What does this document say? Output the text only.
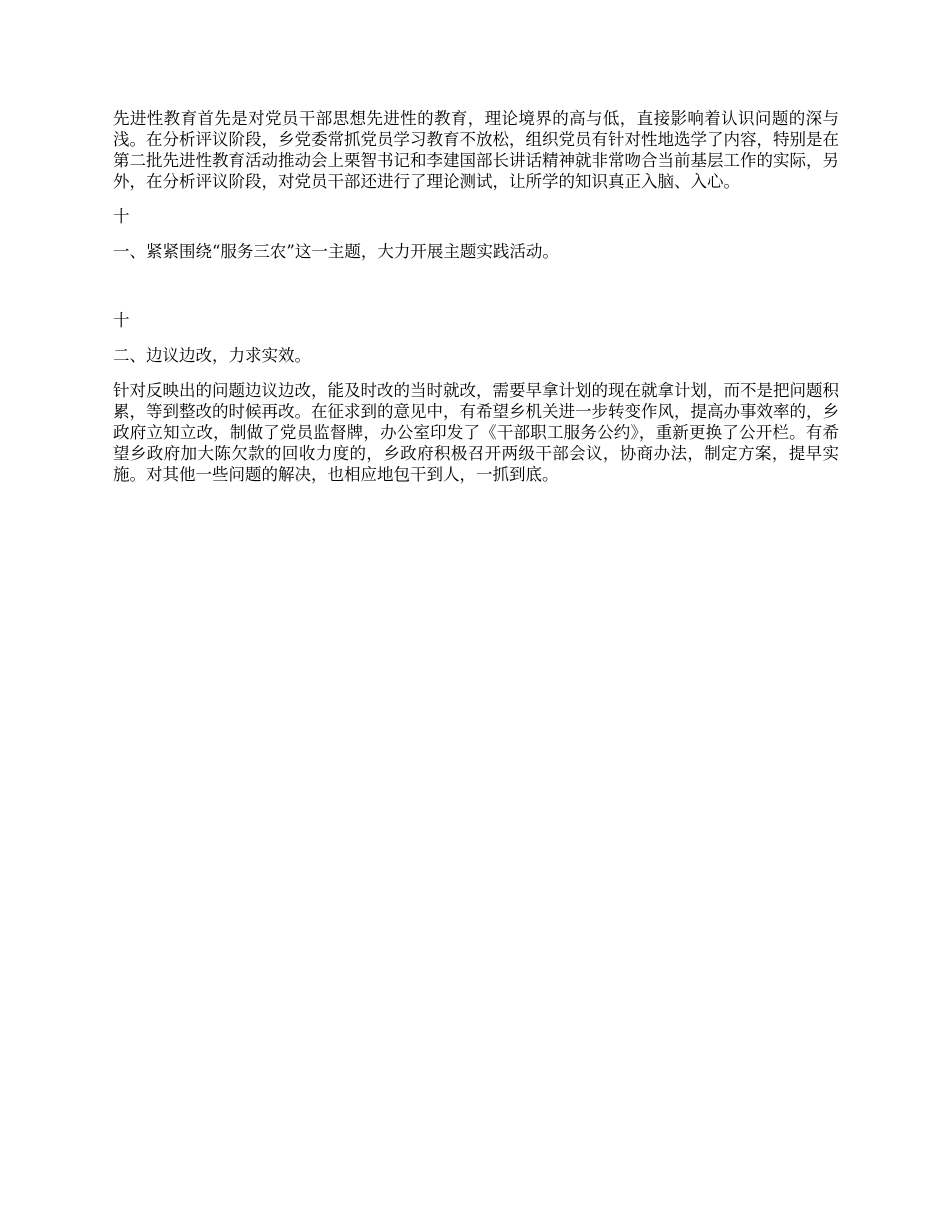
先进性教育首先是对党员干部思想先进性的教育，理论境界的高与低，直接影响着认识问题的深与浅。在分析评议阶段，乡党委常抓党员学习教育不放松，组织党员有针对性地选学了内容，特别是在第二批先进性教育活动推动会上栗智书记和李建国部长讲话精神就非常吻合当前基层工作的实际，另外，在分析评议阶段，对党员干部还进行了理论测试，让所学的知识真正入脑、入心。

十

一、紧紧围绕“服务三农”这一主题，大力开展主题实践活动。

十

二、边议边改，力求实效。

针对反映出的问题边议边改，能及时改的当时就改，需要早拿计划的现在就拿计划，而不是把问题积累，等到整改的时候再改。在征求到的意见中，有希望乡机关进一步转变作风，提高办事效率的，乡政府立知立改，制做了党员监督牌，办公室印发了《干部职工服务公约》，重新更换了公开栏。有希望乡政府加大陈欠款的回收力度的，乡政府积极召开两级干部会议，协商办法，制定方案，提早实施。对其他一些问题的解决，也相应地包干到人，一抓到底。
